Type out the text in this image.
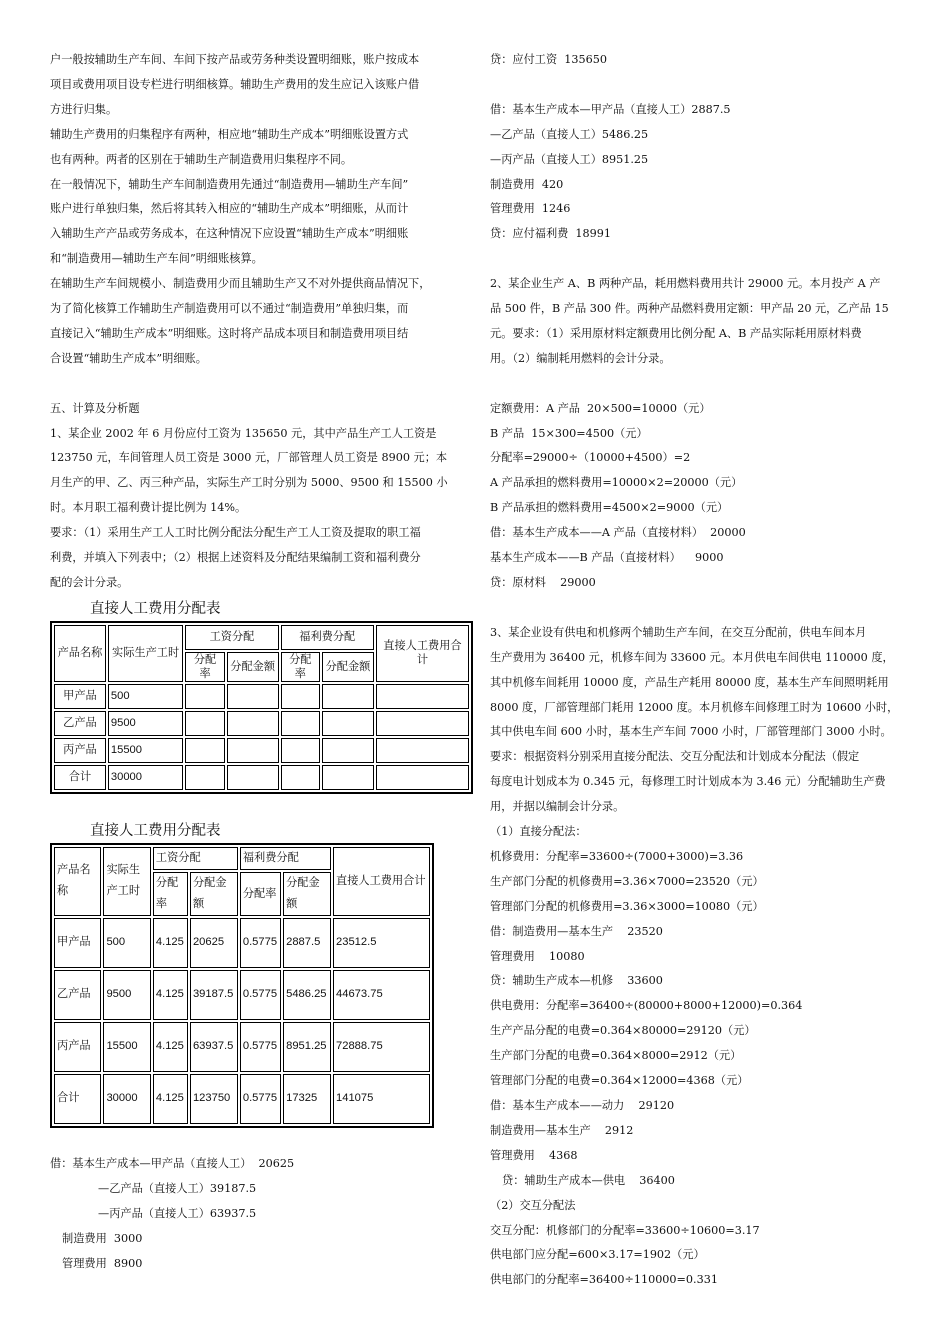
户一般按辅助生产车间、车间下按产品或劳务种类设置明细账，账户按成本

项目或费用项目设专栏进行明细核算。辅助生产费用的发生应记入该账户借

方进行归集。

辅助生产费用的归集程序有两种，相应地“辅助生产成本”明细账设置方式

也有两种。两者的区别在于辅助生产制造费用归集程序不同。

在一般情况下，辅助生产车间制造费用先通过“制造费用—辅助生产车间”

账户进行单独归集，然后将其转入相应的“辅助生产成本”明细账，从而计

入辅助生产产品或劳务成本，在这种情况下应设置“辅助生产成本”明细账

和“制造费用—辅助生产车间”明细账核算。

在辅助生产车间规模小、制造费用少而且辅助生产又不对外提供商品情况下，

为了简化核算工作辅助生产制造费用可以不通过“制造费用”单独归集，而

直接记入“辅助生产成本”明细账。这时将产品成本项目和制造费用项目结

合设置“辅助生产成本”明细账。

五、计算及分析题

1、某企业 2002 年 6 月份应付工资为 135650 元，其中产品生产工人工资是

123750 元，车间管理人员工资是 3000 元，厂部管理人员工资是 8900 元；本

月生产的甲、乙、丙三种产品，实际生产工时分别为 5000、9500 和 15500 小

时。本月职工福利费计提比例为 14%。

要求：（1）采用生产工人工时比例分配法分配生产工人工资及提取的职工福

利费，并填入下列表中；（2）根据上述资料及分配结果编制工资和福利费分

配的会计分录。

直接人工费用分配表
产品名称	实际生产工时	工资分配		福利费分配		直接人工费用合计
		分配率	分配金额	分配率	分配金额	
甲产品	500					
乙产品	9500					
丙产品	15500					
合计	30000					
直接人工费用分配表
产品名称	实际生产工时	工资分配		福利费分配		直接人工费用合计
		分配率	分配金额	分配率	分配金额	
甲产品	500	4.125	20625	0.5775	2887.5	23512.5
乙产品	9500	4.125	39187.5	0.5775	5486.25	44673.75
丙产品	15500	4.125	63937.5	0.5775	8951.25	72888.75
合计	30000	4.125	123750	0.5775	17325	141075

借：基本生产成本—甲产品（直接人工）  20625

—乙产品（直接人工）39187.5

—丙产品（直接人工）63937.5

制造费用  3000

管理费用  8900

贷：应付工资  135650

借：基本生产成本—甲产品（直接人工）2887.5

—乙产品（直接人工）5486.25

—丙产品（直接人工）8951.25

制造费用  420

管理费用  1246

贷：应付福利费  18991

2、某企业生产 A、B 两种产品，耗用燃料费用共计 29000 元。本月投产 A 产

品 500 件，B 产品 300 件。两种产品燃料费用定额：甲产品 20 元，乙产品 15

元。要求：（1）采用原材料定额费用比例分配 A、B 产品实际耗用原材料费

用。（2）编制耗用燃料的会计分录。

定额费用：A 产品  20×500=10000（元）

B 产品  15×300=4500（元）

分配率=29000÷（10000+4500）=2

A 产品承担的燃料费用=10000×2=20000（元）

B 产品承担的燃料费用=4500×2=9000（元）

借：基本生产成本——A 产品（直接材料）  20000

基本生产成本——B 产品（直接材料）    9000

贷：原材料    29000

3、某企业设有供电和机修两个辅助生产车间，在交互分配前，供电车间本月

生产费用为 36400 元，机修车间为 33600 元。本月供电车间供电 110000 度，

其中机修车间耗用 10000 度，产品生产耗用 80000 度，基本生产车间照明耗用

8000 度，厂部管理部门耗用 12000 度。本月机修车间修理工时为 10600 小时，

其中供电车间 600 小时，基本生产车间 7000 小时，厂部管理部门 3000 小时。

要求：根据资料分别采用直接分配法、交互分配法和计划成本分配法（假定

每度电计划成本为 0.345 元，每修理工时计划成本为 3.46 元）分配辅助生产费

用，并据以编制会计分录。

（1）直接分配法：

机修费用：分配率=33600÷(7000+3000)=3.36

生产部门分配的机修费用=3.36×7000=23520（元）

管理部门分配的机修费用=3.36×3000=10080（元）

借：制造费用—基本生产    23520

管理费用    10080

贷：辅助生产成本—机修    33600

供电费用：分配率=36400÷(80000+8000+12000)=0.364

生产产品分配的电费=0.364×80000=29120（元）

生产部门分配的电费=0.364×8000=2912（元）

管理部门分配的电费=0.364×12000=4368（元）

借：基本生产成本——动力    29120

制造费用—基本生产    2912

管理费用    4368

贷：辅助生产成本—供电    36400

（2）交互分配法

交互分配：机修部门的分配率=33600÷10600=3.17

供电部门应分配=600×3.17=1902（元）

供电部门的分配率=36400÷110000=0.331
